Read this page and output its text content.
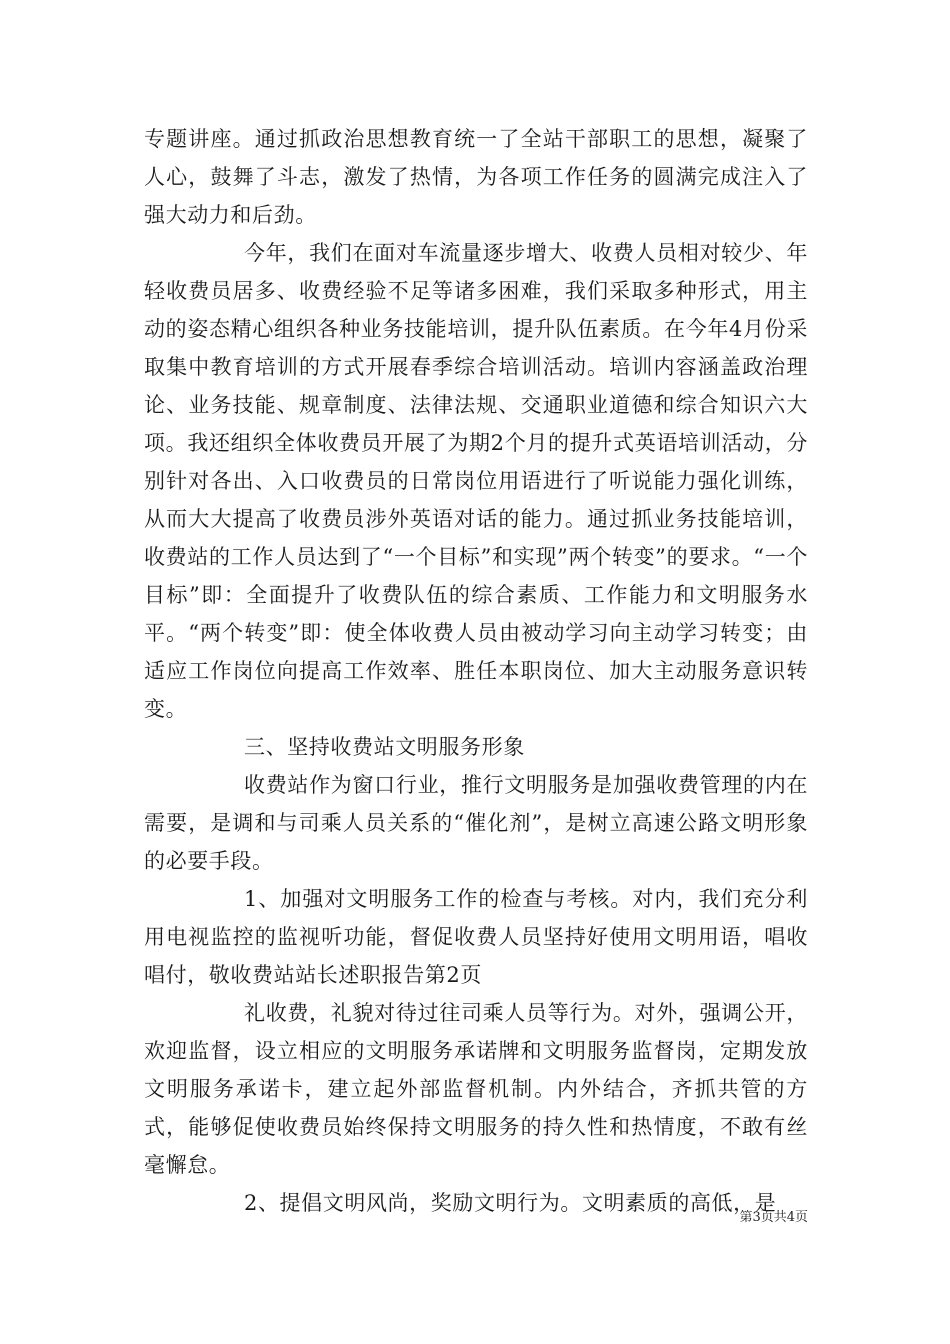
专题讲座。通过抓政治思想教育统一了全站干部职工的思想，凝聚了人心，鼓舞了斗志，激发了热情，为各项工作任务的圆满完成注入了强大动力和后劲。

今年，我们在面对车流量逐步增大、收费人员相对较少、年轻收费员居多、收费经验不足等诸多困难，我们采取多种形式，用主动的姿态精心组织各种业务技能培训，提升队伍素质。在今年4月份采取集中教育培训的方式开展春季综合培训活动。培训内容涵盖政治理论、业务技能、规章制度、法律法规、交通职业道德和综合知识六大项。我还组织全体收费员开展了为期2个月的提升式英语培训活动，分别针对各出、入口收费员的日常岗位用语进行了听说能力强化训练，从而大大提高了收费员涉外英语对话的能力。通过抓业务技能培训，收费站的工作人员达到了“一个目标”和实现”两个转变”的要求。“一个目标”即：全面提升了收费队伍的综合素质、工作能力和文明服务水平。“两个转变”即：使全体收费人员由被动学习向主动学习转变；由适应工作岗位向提高工作效率、胜任本职岗位、加大主动服务意识转变。

三、坚持收费站文明服务形象

收费站作为窗口行业，推行文明服务是加强收费管理的内在需要，是调和与司乘人员关系的“催化剂”，是树立高速公路文明形象的必要手段。

1、加强对文明服务工作的检查与考核。对内，我们充分利用电视监控的监视听功能，督促收费人员坚持好使用文明用语，唱收唱付，敬收费站站长述职报告第2页

礼收费，礼貌对待过往司乘人员等行为。对外，强调公开，欢迎监督，设立相应的文明服务承诺牌和文明服务监督岗，定期发放文明服务承诺卡，建立起外部监督机制。内外结合，齐抓共管的方式，能够促使收费员始终保持文明服务的持久性和热情度，不敢有丝毫懈怠。

2、提倡文明风尚，奖励文明行为。文明素质的高低，是

第3页共4页
